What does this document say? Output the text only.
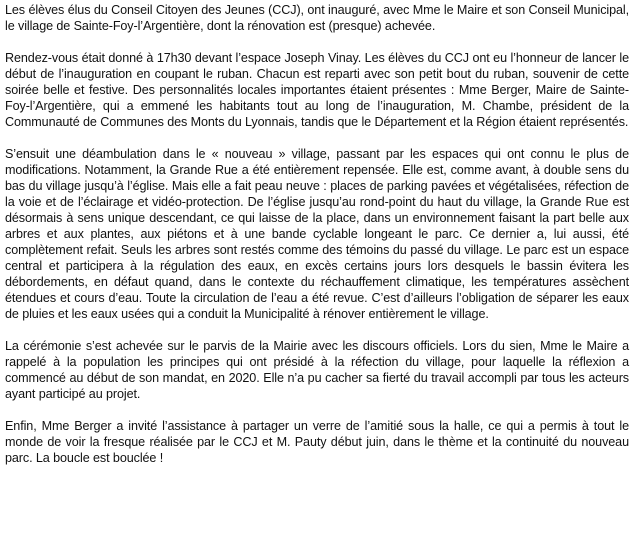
Les élèves élus du Conseil Citoyen des Jeunes (CCJ), ont inauguré, avec Mme le Maire et son Conseil Municipal, le village de Sainte-Foy-l’Argentière, dont la rénovation est (presque) achevée.

Rendez-vous était donné à 17h30 devant l’espace Joseph Vinay. Les élèves du CCJ ont eu l’honneur de lancer le début de l’inauguration en coupant le ruban. Chacun est reparti avec son petit bout du ruban, souvenir de cette soirée belle et festive. Des personnalités locales importantes étaient présentes : Mme Berger, Maire de Sainte-Foy-l’Argentière, qui a emmené les habitants tout au long de l’inauguration, M. Chambe, président de la Communauté de Communes des Monts du Lyonnais, tandis que le Département et la Région étaient représentés.

S’ensuit une déambulation dans le « nouveau » village, passant par les espaces qui ont connu le plus de modifications. Notamment, la Grande Rue a été entièrement repensée. Elle est, comme avant, à double sens du bas du village jusqu’à l’église. Mais elle a fait peau neuve : places de parking pavées et végétalisées, réfection de la voie et de l’éclairage et vidéo-protection. De l’église jusqu’au rond-point du haut du village, la Grande Rue est désormais à sens unique descendant, ce qui laisse de la place, dans un environnement faisant la part belle aux arbres et aux plantes, aux piétons et à une bande cyclable longeant le parc. Ce dernier a, lui aussi, été complètement refait. Seuls les arbres sont restés comme des témoins du passé du village. Le parc est un espace central et participera à la régulation des eaux, en excès certains jours lors desquels le bassin évitera les débordements, en défaut quand, dans le contexte du réchauffement climatique, les températures assèchent étendues et cours d’eau. Toute la circulation de l’eau a été revue. C’est d’ailleurs l’obligation de séparer les eaux de pluies et les eaux usées qui a conduit la Municipalité à rénover entièrement le village.

La cérémonie s’est achevée sur le parvis de la Mairie avec les discours officiels. Lors du sien, Mme le Maire a rappelé à la population les principes qui ont présidé à la réfection du village, pour laquelle la réflexion a commencé au début de son mandat, en 2020. Elle n’a pu cacher sa fierté du travail accompli par tous les acteurs ayant participé au projet.

Enfin, Mme Berger a invité l’assistance à partager un verre de l’amitié sous la halle, ce qui a permis à tout le monde de voir la fresque réalisée par le CCJ et M. Pauty début juin, dans le thème et la continuité du nouveau parc. La boucle est bouclée !
